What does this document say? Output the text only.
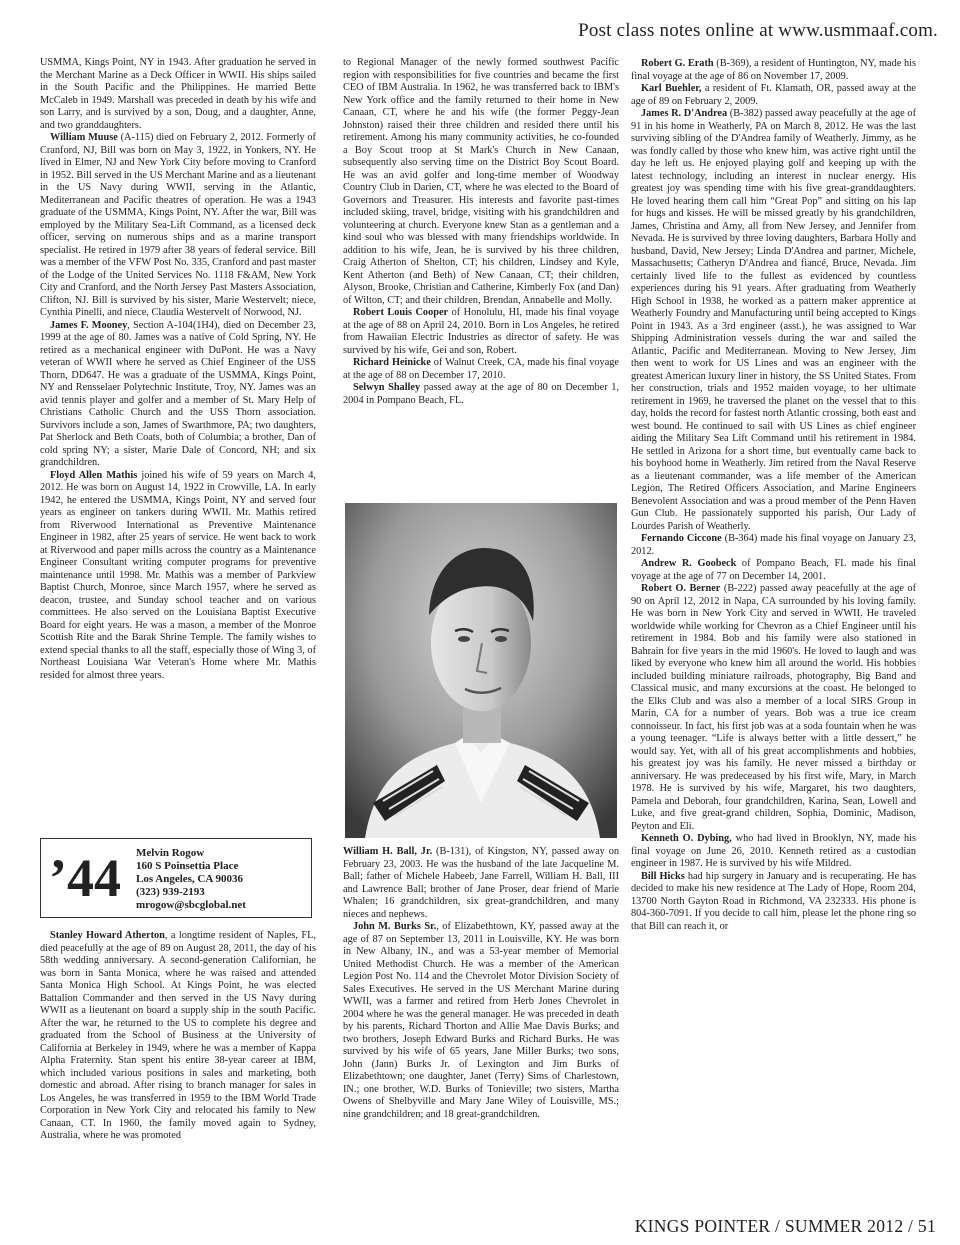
Post class notes online at www.usmmaaf.com.

USMMA, Kings Point, NY in 1943. After graduation he served in the Merchant Marine as a Deck Officer in WWII. His ships sailed in the South Pacific and the Philippines. He married Bette McCaleb in 1949. Marshall was preceded in death by his wife and son Larry, and is survived by a son, Doug, and a daughter, Anne, and two granddaughters.

William Muuse (A-115) died on February 2, 2012. Formerly of Cranford, NJ, Bill was born on May 3, 1922, in Yonkers, NY. He lived in Elmer, NJ and New York City before moving to Cranford in 1952. Bill served in the US Merchant Marine and as a lieutenant in the US Navy during WWII, serving in the Atlantic, Mediterranean and Pacific theatres of operation. He was a 1943 graduate of the USMMA, Kings Point, NY. After the war, Bill was employed by the Military Sea-Lift Command, as a licensed deck officer, serving on numerous ships and as a marine transport specialist. He retired in 1979 after 38 years of federal service. Bill was a member of the VFW Post No. 335, Cranford and past master of the Lodge of the United Services No. 1118 F&AM, New York City and Cranford, and the North Jersey Past Masters Association, Clifton, NJ. Bill is survived by his sister, Marie Westervelt; niece, Cynthia Pinelli, and niece, Claudia Westervelt of Norwood, NJ.

James F. Mooney, Section A-104(1H4), died on December 23, 1999 at the age of 80. James was a native of Cold Spring, NY. He retired as a mechanical engineer with DuPont. He was a Navy veteran of WWII where he served as Chief Engineer of the USS Thorn, DD647. He was a graduate of the USMMA, Kings Point, NY and Rensselaer Polytechnic Institute, Troy, NY. James was an avid tennis player and golfer and a member of St. Mary Help of Christians Catholic Church and the USS Thorn association. Survivors include a son, James of Swarthmore, PA; two daughters, Pat Sherlock and Beth Coats, both of Columbia; a brother, Dan of cold spring NY; a sister, Marie Dale of Concord, NH; and six grandchildren.

Floyd Allen Mathis joined his wife of 59 years on March 4, 2012. He was born on August 14, 1922 in Crowville, LA. In early 1942, he entered the USMMA, Kings Point, NY and served four years as engineer on tankers during WWII. Mr. Mathis retired from Riverwood International as Preventive Maintenance Engineer in 1982, after 25 years of service. He went back to work at Riverwood and paper mills across the country as a Maintenance Engineer Consultant writing computer programs for preventive maintenance until 1998. Mr. Mathis was a member of Parkview Baptist Church, Monroe, since March 1957, where he served as deacon, trustee, and Sunday school teacher and on various committees. He also served on the Louisiana Baptist Executive Board for eight years. He was a mason, a member of the Monroe Scottish Rite and the Barak Shrine Temple. The family wishes to extend special thanks to all the staff, especially those of Wing 3, of Northeast Louisiana War Veteran's Home where Mr. Mathis resided for almost three years.

’44 Melvin Rogow
160 S Poinsettia Place
Los Angeles, CA 90036
(323) 939-2193
mrogow@sbcglobal.net

Stanley Howard Atherton, a longtime resident of Naples, FL, died peacefully at the age of 89 on August 28, 2011, the day of his 58th wedding anniversary. A second-generation Californian, he was born in Santa Monica, where he was raised and attended Santa Monica High School. At Kings Point, he was elected Battalion Commander and then served in the US Navy during WWII as a lieutenant on board a supply ship in the south Pacific. After the war, he returned to the US to complete his degree and graduated from the School of Business at the University of California at Berkeley in 1949, where he was a member of Kappa Alpha Fraternity. Stan spent his entire 38-year career at IBM, which included various positions in sales and marketing, both domestic and abroad. After rising to branch manager for sales in Los Angeles, he was transferred in 1959 to the IBM World Trade Corporation in New York City and relocated his family to New Canaan, CT. In 1960, the family moved again to Sydney, Australia, where he was promoted

to Regional Manager of the newly formed southwest Pacific region with responsibilities for five countries and became the first CEO of IBM Australia. In 1962, he was transferred back to IBM's New York office and the family returned to their home in New Canaan, CT, where he and his wife (the former Peggy-Jean Johnston) raised their three children and resided there until his retirement. Among his many community activities, he co-founded a Boy Scout troop at St Mark's Church in New Canaan, subsequently also serving time on the District Boy Scout Board. He was an avid golfer and long-time member of Woodway Country Club in Darien, CT, where he was elected to the Board of Governors and Treasurer. His interests and favorite past-times included skiing, travel, bridge, visiting with his grandchildren and volunteering at church. Everyone knew Stan as a gentleman and a kind soul who was blessed with many friendships worldwide. In addition to his wife, Jean, he is survived by his three children, Craig Atherton of Shelton, CT; his children, Lindsey and Kyle, Kent Atherton (and Beth) of New Canaan, CT; their children, Alyson, Brooke, Christian and Catherine, Kimberly Fox (and Dan) of Wilton, CT; and their children, Brendan, Annabelle and Molly.

Robert Louis Cooper of Honolulu, HI, made his final voyage at the age of 88 on April 24, 2010. Born in Los Angeles, he retired from Hawaiian Electric Industries as director of safety. He was survived by his wife, Gei and son, Robert.

Richard Heinicke of Walnut Creek, CA, made his final voyage at the age of 88 on December 17, 2010.

Selwyn Shalley passed away at the age of 80 on December 1, 2004 in Pompano Beach, FL.

William H. Ball, Jr. (B-131), of Kingston, NY, passed away on February 23, 2003. He was the husband of the late Jacqueline M. Ball; father of Michele Habeeb, Jane Farrell, William H. Ball, III and Lawrence Ball; brother of Jane Proser, dear friend of Marie Whalen; 16 grandchildren, six great-grandchildren, and many nieces and nephews.

John M. Burks Sr., of Elizabethtown, KY, passed away at the age of 87 on September 13, 2011 in Louisville, KY. He was born in New Albany, IN., and was a 53-year member of Memorial United Methodist Church. He was a member of the American Legion Post No. 114 and the Chevrolet Motor Division Society of Sales Executives. He served in the US Merchant Marine during WWII, was a farmer and retired from Herb Jones Chevrolet in 2004 where he was the general manager. He was preceded in death by his parents, Richard Thorton and Allie Mae Davis Burks; and two brothers, Joseph Edward Burks and Richard Burks. He was survived by his wife of 65 years, Jane Miller Burks; two sons, John (Jann) Burks Jr. of Lexington and Jim Burks of Elizabethtown; one daughter, Janet (Terry) Sims of Charlestown, IN.; one brother, W.D. Burks of Tonieville; two sisters, Martha Owens of Shelbyville and Mary Jane Wiley of Louisville, MS.; nine grandchildren; and 18 great-grandchildren.

Robert G. Erath (B-369), a resident of Huntington, NY, made his final voyage at the age of 86 on November 17, 2009.

Karl Buehler, a resident of Ft. Klamath, OR, passed away at the age of 89 on February 2, 2009.

James R. D'Andrea (B-382) passed away peacefully at the age of 91 in his home in Weatherly, PA on March 8, 2012. He was the last surviving sibling of the D'Andrea family of Weatherly. Jimmy, as he was fondly called by those who knew him, was active right until the day he left us. He enjoyed playing golf and keeping up with the latest technology, including an interest in nuclear energy. His greatest joy was spending time with his five great-granddaughters. He loved hearing them call him “Great Pop” and sitting on his lap for hugs and kisses. He will be missed greatly by his grandchildren, James, Christina and Amy, all from New Jersey, and Jennifer from Nevada. He is survived by three loving daughters, Barbara Holly and husband, David, New Jersey; Linda D'Andrea and partner, Michele, Massachusetts; Catheryn D'Andrea and fiancé, Bruce, Nevada. Jim certainly lived life to the fullest as evidenced by countless experiences during his 91 years. After graduating from Weatherly High School in 1938, he worked as a pattern maker apprentice at Weatherly Foundry and Manufacturing until being accepted to Kings Point in 1943. As a 3rd engineer (asst.), he was assigned to War Shipping Administration vessels during the war and sailed the Atlantic, Pacific and Mediterranean. Moving to New Jersey, Jim then went to work for US Lines and was an engineer with the greatest American luxury liner in history, the SS United States. From her construction, trials and 1952 maiden voyage, to her ultimate retirement in 1969, he traversed the planet on the vessel that to this day, holds the record for fastest north Atlantic crossing, both east and west bound. He continued to sail with US Lines as chief engineer aiding the Military Sea Lift Command until his retirement in 1984. He settled in Arizona for a short time, but eventually came back to his boyhood home in Weatherly. Jim retired from the Naval Reserve as a lieutenant commander, was a life member of the American Legion, The Retired Officers Association, and Marine Engineers Benevolent Association and was a proud member of the Penn Haven Gun Club. He passionately supported his parish, Our Lady of Lourdes Parish of Weatherly.

Fernando Ciccone (B-364) made his final voyage on January 23, 2012.

Andrew R. Goobeck of Pompano Beach, FL made his final voyage at the age of 77 on December 14, 2001.

Robert O. Berner (B-222) passed away peacefully at the age of 90 on April 12, 2012 in Napa, CA surrounded by his loving family. He was born in New York City and served in WWII. He traveled worldwide while working for Chevron as a Chief Engineer until his retirement in 1984. Bob and his family were also stationed in Bahrain for five years in the mid 1960's. He loved to laugh and was liked by everyone who knew him all around the world. His hobbies included building miniature railroads, photography, Big Band and Classical music, and many excursions at the coast. He belonged to the Elks Club and was also a member of a local SIRS Group in Marin, CA for a number of years. Bob was a true ice cream connoisseur. In fact, his first job was at a soda fountain when he was a young teenager. “Life is always better with a little dessert,” he would say. Yet, with all of his great accomplishments and hobbies, his greatest joy was his family. He never missed a birthday or anniversary. He was predeceased by his first wife, Mary, in March 1978. He is survived by his wife, Margaret, his two daughters, Pamela and Deborah, four grandchildren, Karina, Sean, Lowell and Luke, and five great-grand children, Sophia, Dominic, Madison, Peyton and Eli.

Kenneth O. Dybing, who had lived in Brooklyn, NY, made his final voyage on June 26, 2010. Kenneth retired as a custodian engineer in 1987. He is survived by his wife Mildred.

Bill Hicks had hip surgery in January and is recuperating. He has decided to make his new residence at The Lady of Hope, Room 204, 13700 North Gayton Road in Richmond, VA 232333. His phone is 804-360-7091. If you decide to call him, please let the phone ring so that Bill can reach it, or

KINGS POINTER / SUMMER 2012 / 51
